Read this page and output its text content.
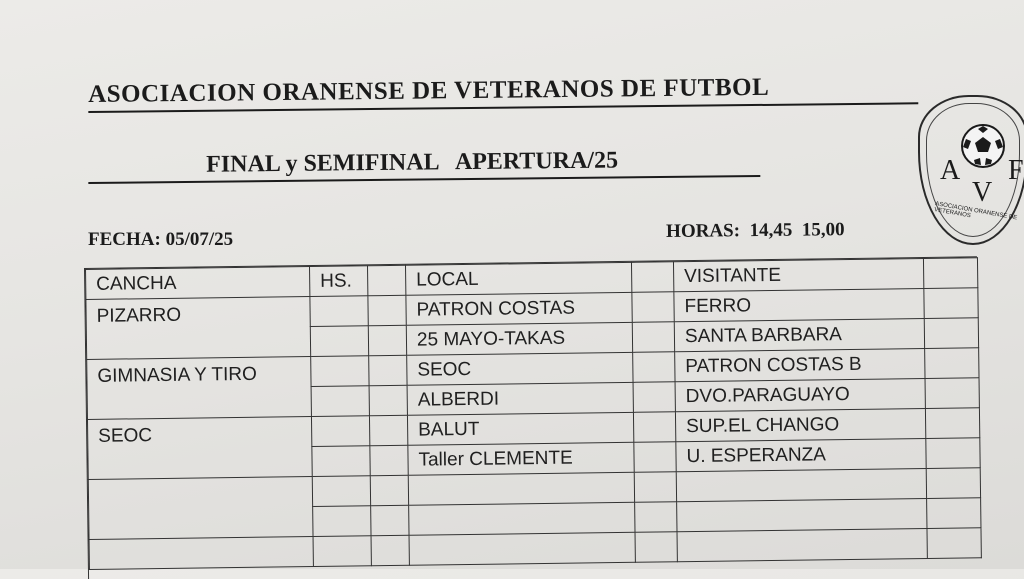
ASOCIACION ORANENSE DE VETERANOS DE FUTBOL
FINAL y SEMIFINAL   APERTURA/25
FECHA: 05/07/25	HORAS:  14,45  15,00
A
V
F
ASOCIACION ORANENSE DE VETERANOS
CANCHA	HS.		LOCAL		VISITANTE	
PIZARRO			PATRON COSTAS		FERRO	
			25 MAYO-TAKAS		SANTA BARBARA	
GIMNASIA Y TIRO			SEOC		PATRON COSTAS B	
			ALBERDI		DVO.PARAGUAYO	
SEOC			BALUT		SUP.EL CHANGO	
			Taller CLEMENTE		U. ESPERANZA	
